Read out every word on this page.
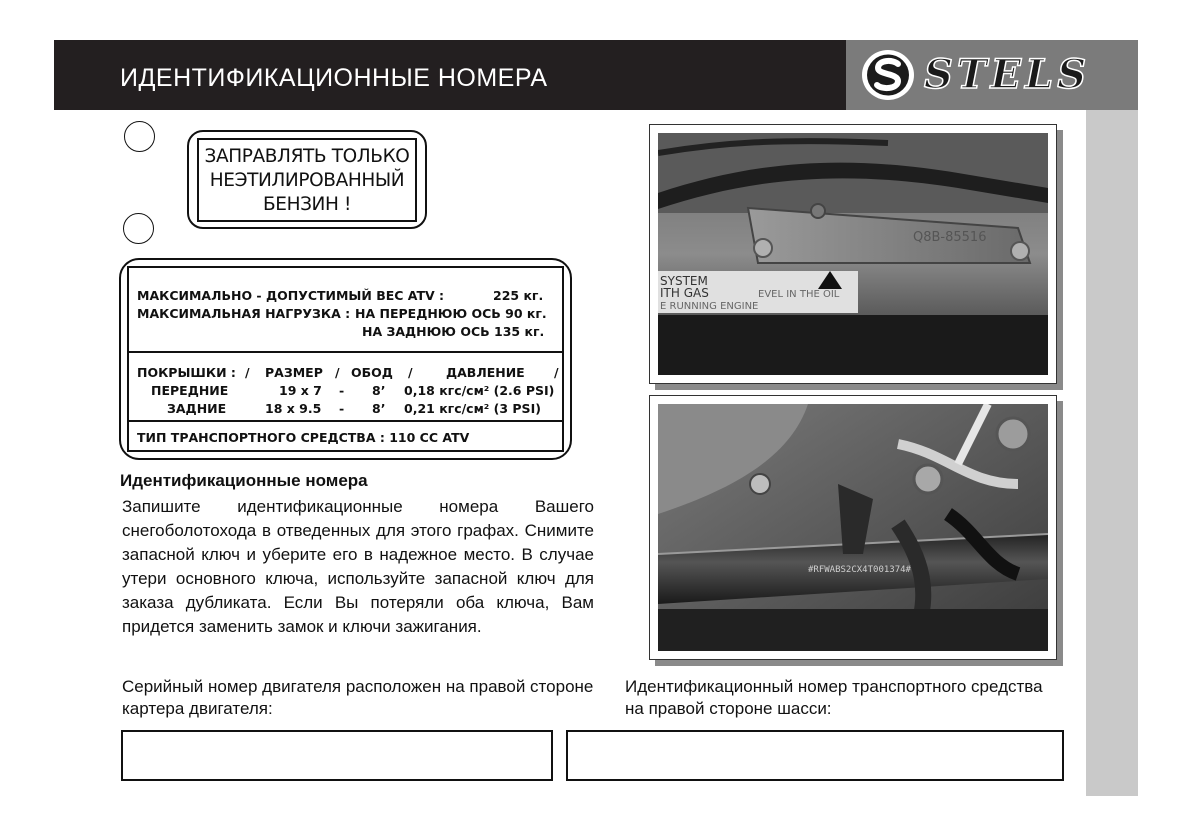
ИДЕНТИФИКАЦИОННЫЕ НОМЕРА	STELS
ЗАПРАВЛЯТЬ ТОЛЬКО
НЕЭТИЛИРОВАННЫЙ
БЕНЗИН !
МАКСИМАЛЬНО - ДОПУСТИМЫЙ ВЕС ATV :	225 кг.
МАКСИМАЛЬНАЯ НАГРУЗКА : НА ПЕРЕДНЮЮ ОСЬ 90 кг.
НА ЗАДНЮЮ ОСЬ 135 кг.
ПОКРЫШКИ : / РАЗМЕР / ОБОД /	ДАВЛЕНИЕ /
ПЕРЕДНИЕ	19 x 7 - 8’ 0,18 кгс/см² (2.6 PSI)
ЗАДНИЕ	18 x 9.5 - 8’ 0,21 кгс/см² (3 PSI)
ТИП ТРАНСПОРТНОГО СРЕДСТВА : 110 СС ATV
Идентификационные номера
Запишите идентификационные номера Вашего снегоболотохода в отведенных для этого графах. Снимите запасной ключ и уберите его в надежное место. В случае утери основного ключа, используйте запасной ключ для заказа дубликата. Если Вы потеряли оба ключа, Вам придется заменить замок и ключи зажигания.
Серийный номер двигателя расположен на правой стороне картера двигателя:
Идентификационный номер транспортного средства на правой стороне шасси:
Q8B-85516
SYSTEM
ITH GAS	EVEL IN THE OIL
E RUNNING ENGINE
#RFWABS2CX4T001374#
